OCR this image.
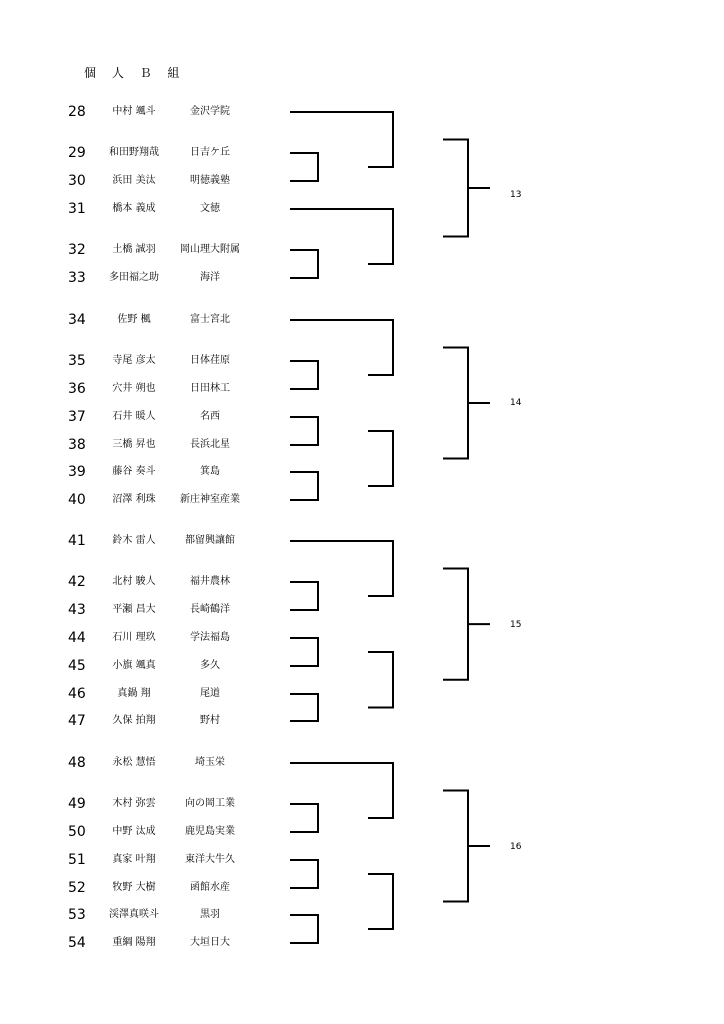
個 人 Ｂ 組
28	中村 颯斗	金沢学院
29	和田野翔哉	日吉ケ丘
30	浜田 美汰	明徳義塾
31	橋本 義成	文徳
32	土橋 誠羽	岡山理大附属
33	多田福之助	海洋
34	佐野 楓	富士宮北
35	寺尾 彦太	日体荏原
36	穴井 朔也	日田林工
37	石井 暖人	名西
38	三橋 昇也	長浜北星
39	藤谷 奏斗	箕島
40	沼澤 利珠	新庄神室産業
41	鈴木 雷人	都留興讓館
42	北村 駿人	福井農林
43	平瀬 昌大	長崎鶴洋
44	石川 理玖	学法福島
45	小旗 颯真	多久
46	真鍋 翔	尾道
47	久保 拍翔	野村
48	永松 慧悟	埼玉栄
49	木村 弥雲	向の岡工業
50	中野 汰成	鹿児島実業
51	真家 叶翔	東洋大牛久
52	牧野 大樹	函館水産
53	渓澤真咲斗	黒羽
54	重綱 陽翔	大垣日大
13
14
15
16
